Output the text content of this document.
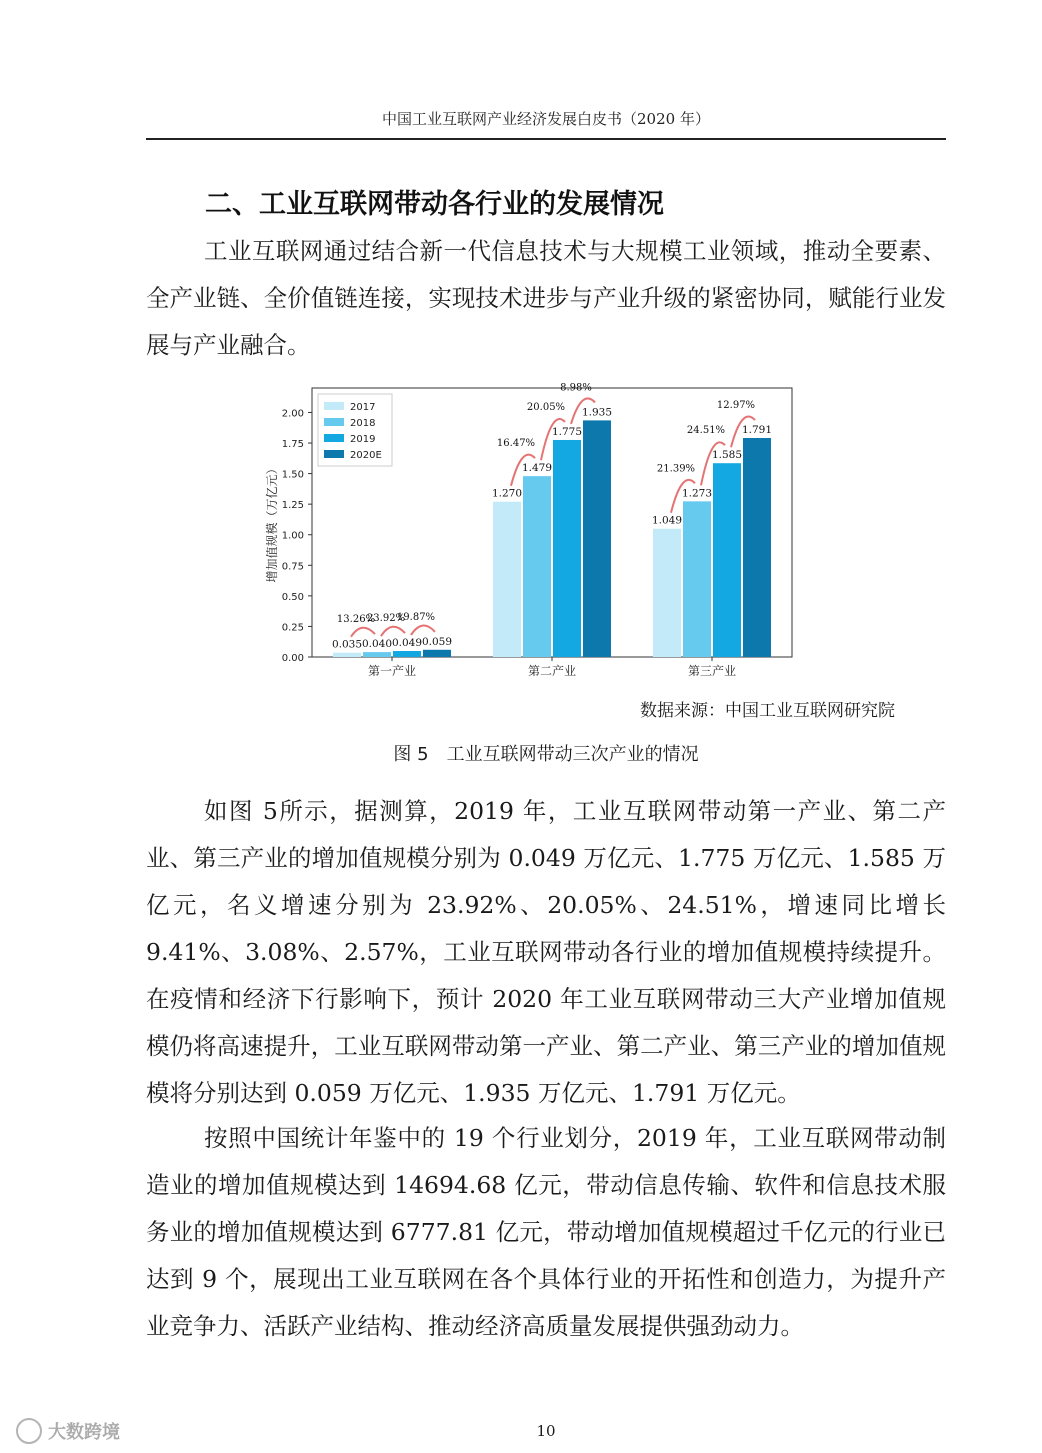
中国工业互联网产业经济发展白皮书（2020 年）
二、工业互联网带动各行业的发展情况

工业互联网通过结合新一代信息技术与大规模工业领域，推动全要素、全产业链、全价值链连接，实现技术进步与产业升级的紧密协同，赋能行业发展与产业融合。

0.00
0.25
0.50
0.75
1.00
1.25
1.50
1.75
2.00
增加值规模（万亿元）
第一产业
0.035 0.040 0.049 0.059
13.26%
23.92%
19.87%
第二产业
1.270
1.479
1.775
1.935
16.47%
20.05%
8.98%
第三产业
1.049
1.273
1.585
1.791
21.39%
24.51%
12.97%
2017
2018
2019
2020E
数据来源：中国工业互联网研究院
图 5　工业互联网带动三次产业的情况

如图 5所示，据测算，2019 年，工业互联网带动第一产业、第二产业、第三产业的增加值规模分别为 0.049 万亿元、1.775 万亿元、1.585 万亿元，名义增速分别为 23.92%、20.05%、24.51%，增速同比增长 9.41%、3.08%、2.57%，工业互联网带动各行业的增加值规模持续提升。在疫情和经济下行影响下，预计 2020 年工业互联网带动三大产业增加值规模仍将高速提升，工业互联网带动第一产业、第二产业、第三产业的增加值规模将分别达到 0.059 万亿元、1.935 万亿元、1.791 万亿元。

按照中国统计年鉴中的 19 个行业划分，2019 年，工业互联网带动制造业的增加值规模达到 14694.68 亿元，带动信息传输、软件和信息技术服务业的增加值规模达到 6777.81 亿元，带动增加值规模超过千亿元的行业已达到 9 个，展现出工业互联网在各个具体行业的开拓性和创造力，为提升产业竞争力、活跃产业结构、推动经济高质量发展提供强劲动力。

大数跨境	10
